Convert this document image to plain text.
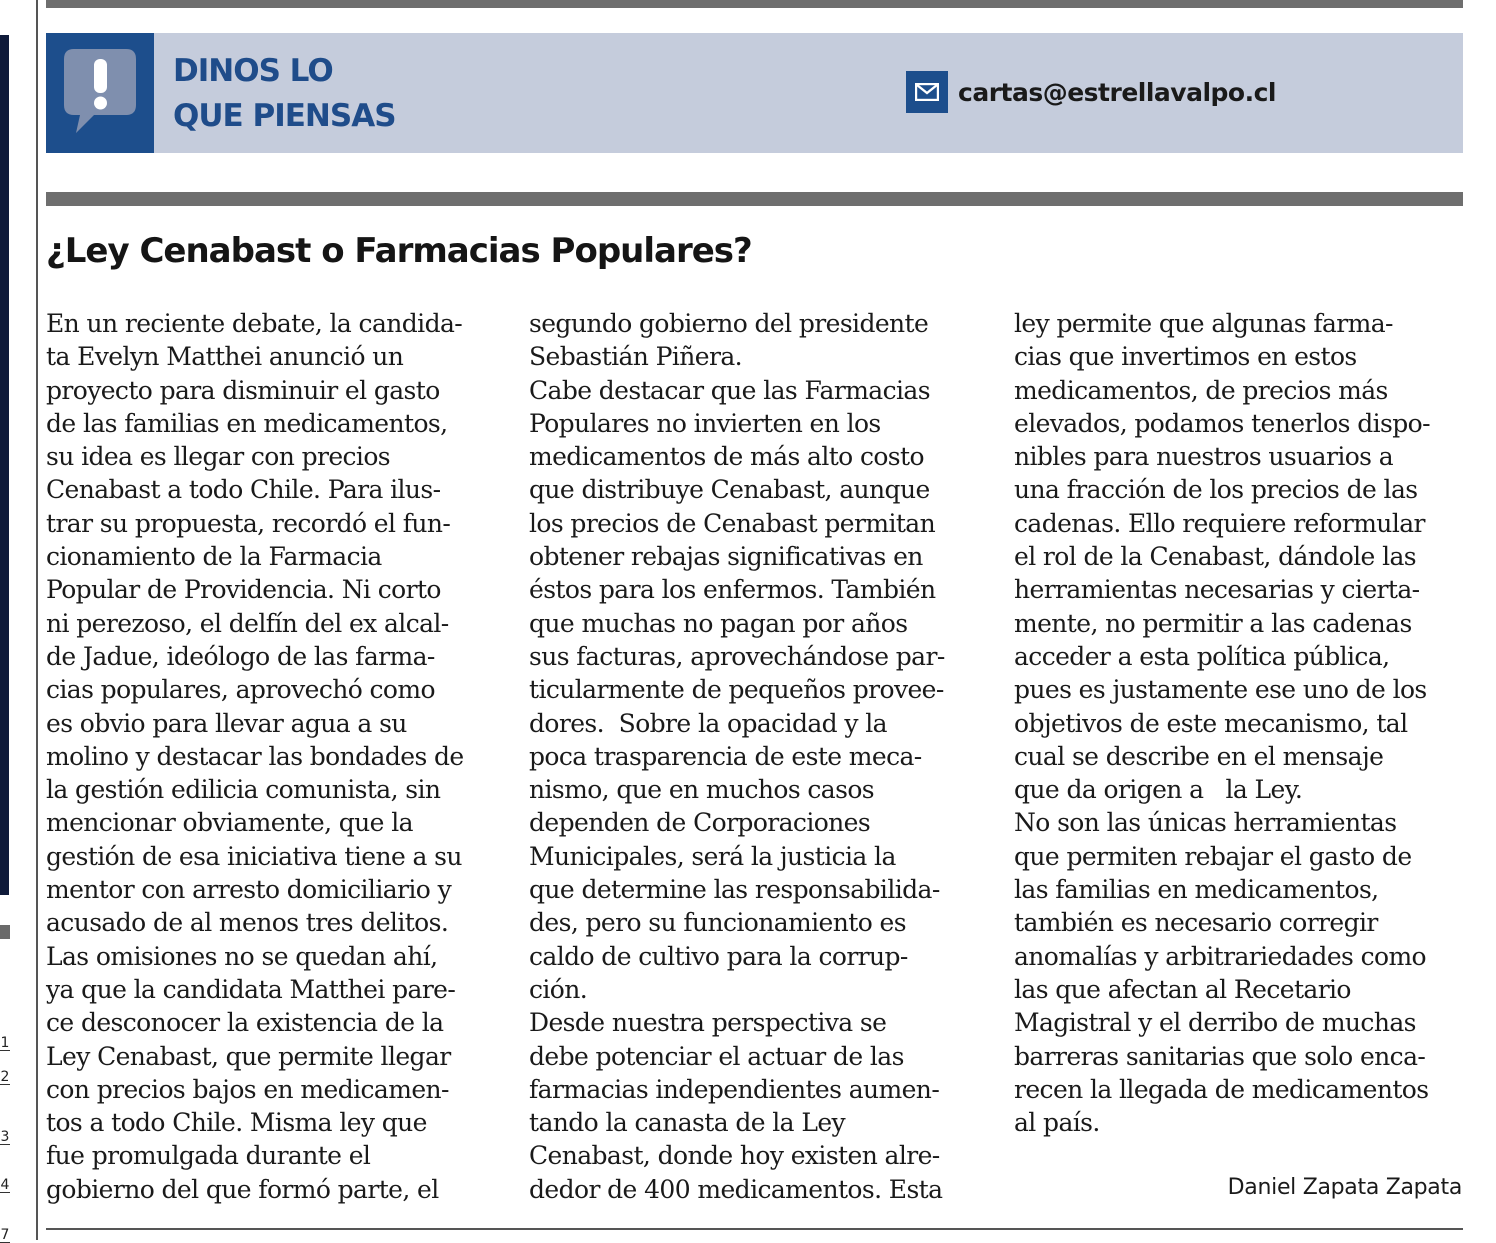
1
2
3
4
7
DINOS LO
QUE PIENSAS
cartas@estrellavalpo.cl
¿Ley Cenabast o Farmacias Populares?

En un reciente debate, la candida-
ta Evelyn Matthei anunció un
proyecto para disminuir el gasto
de las familias en medicamentos,
su idea es llegar con precios
Cenabast a todo Chile. Para ilus-
trar su propuesta, recordó el fun-
cionamiento de la Farmacia
Popular de Providencia. Ni corto
ni perezoso, el delfín del ex alcal-
de Jadue, ideólogo de las farma-
cias populares, aprovechó como
es obvio para llevar agua a su
molino y destacar las bondades de
la gestión edilicia comunista, sin
mencionar obviamente, que la
gestión de esa iniciativa tiene a su
mentor con arresto domiciliario y
acusado de al menos tres delitos.
Las omisiones no se quedan ahí,
ya que la candidata Matthei pare-
ce desconocer la existencia de la
Ley Cenabast, que permite llegar
con precios bajos en medicamen-
tos a todo Chile. Misma ley que
fue promulgada durante el
gobierno del que formó parte, el

segundo gobierno del presidente
Sebastián Piñera.
Cabe destacar que las Farmacias
Populares no invierten en los
medicamentos de más alto costo
que distribuye Cenabast, aunque
los precios de Cenabast permitan
obtener rebajas significativas en
éstos para los enfermos. También
que muchas no pagan por años
sus facturas, aprovechándose par-
ticularmente de pequeños provee-
dores.  Sobre la opacidad y la
poca trasparencia de este meca-
nismo, que en muchos casos
dependen de Corporaciones
Municipales, será la justicia la
que determine las responsabilida-
des, pero su funcionamiento es
caldo de cultivo para la corrup-
ción.
Desde nuestra perspectiva se
debe potenciar el actuar de las
farmacias independientes aumen-
tando la canasta de la Ley
Cenabast, donde hoy existen alre-
dedor de 400 medicamentos. Esta

ley permite que algunas farma-
cias que invertimos en estos
medicamentos, de precios más
elevados, podamos tenerlos dispo-
nibles para nuestros usuarios a
una fracción de los precios de las
cadenas. Ello requiere reformular
el rol de la Cenabast, dándole las
herramientas necesarias y cierta-
mente, no permitir a las cadenas
acceder a esta política pública,
pues es justamente ese uno de los
objetivos de este mecanismo, tal
cual se describe en el mensaje
que da origen a   la Ley.
No son las únicas herramientas
que permiten rebajar el gasto de
las familias en medicamentos,
también es necesario corregir
anomalías y arbitrariedades como
las que afectan al Recetario
Magistral y el derribo de muchas
barreras sanitarias que solo enca-
recen la llegada de medicamentos
al país.

Daniel Zapata Zapata
